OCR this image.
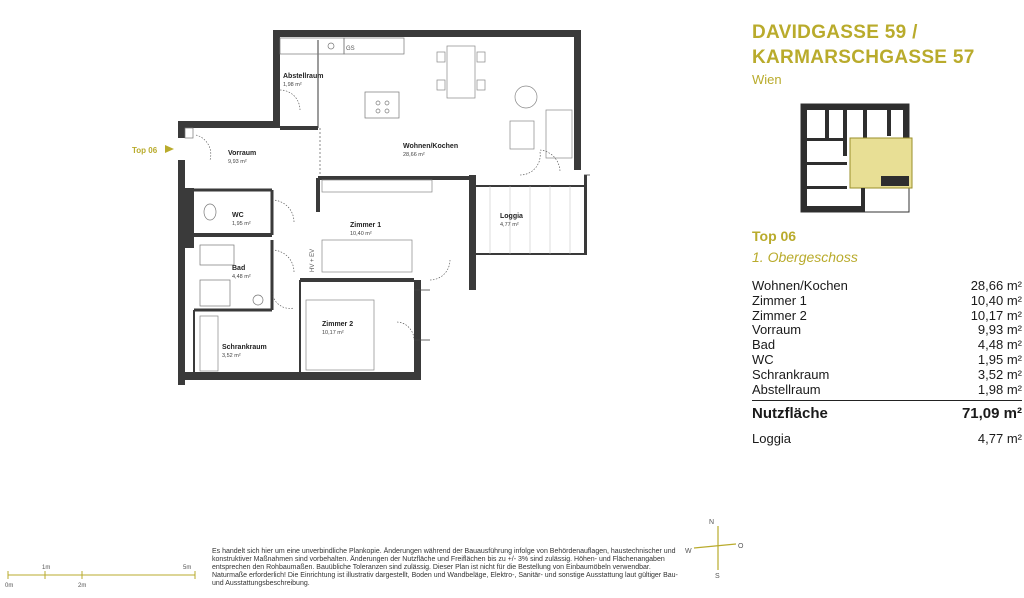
Top 06
GS
HV + EV
Abstellraum
1,98 m²
Wohnen/Kochen
28,66 m²
Vorraum
9,93 m²
WC
1,95 m²	Zimmer 1
10,40 m²
Loggia
4,77 m²
Bad
4,48 m²
Zimmer 2
10,17 m²
Schrankraum
3,52 m²
DAVIDGASSE 59 /
KARMARSCHGASSE 57
Wien
Top 06
1. Obergeschoss
Wohnen/Kochen	28,66 m²
Zimmer 1	10,40 m²
Zimmer 2	10,17 m²
Vorraum	9,93 m²
Bad	4,48 m²
WC	1,95 m²
Schrankraum	3,52 m²
Abstellraum	1,98 m²
Nutzfläche	71,09 m²
Loggia	4,77 m²
0m
1m
2m
5m
Es handelt sich hier um eine unverbindliche Plankopie. Änderungen während der Bauausführung infolge von Behördenauflagen, haustechnischer und konstruktiver Maßnahmen sind vorbehalten. Änderungen der Nutzfläche und Freiflächen bis zu +/- 3% sind zulässig. Höhen- und Flächenangaben entsprechen den Rohbaumaßen. Bauübliche Toleranzen sind zulässig. Dieser Plan ist nicht für die Bestellung von Einbaumöbeln verwendbar. Naturmaße erforderlich! Die Einrichtung ist illustrativ dargestellt, Boden und Wandbeläge, Elektro-, Sanitär- und sonstige Ausstattung laut gültiger Bau- und Ausstattungsbeschreibung.
N
S
W
O
